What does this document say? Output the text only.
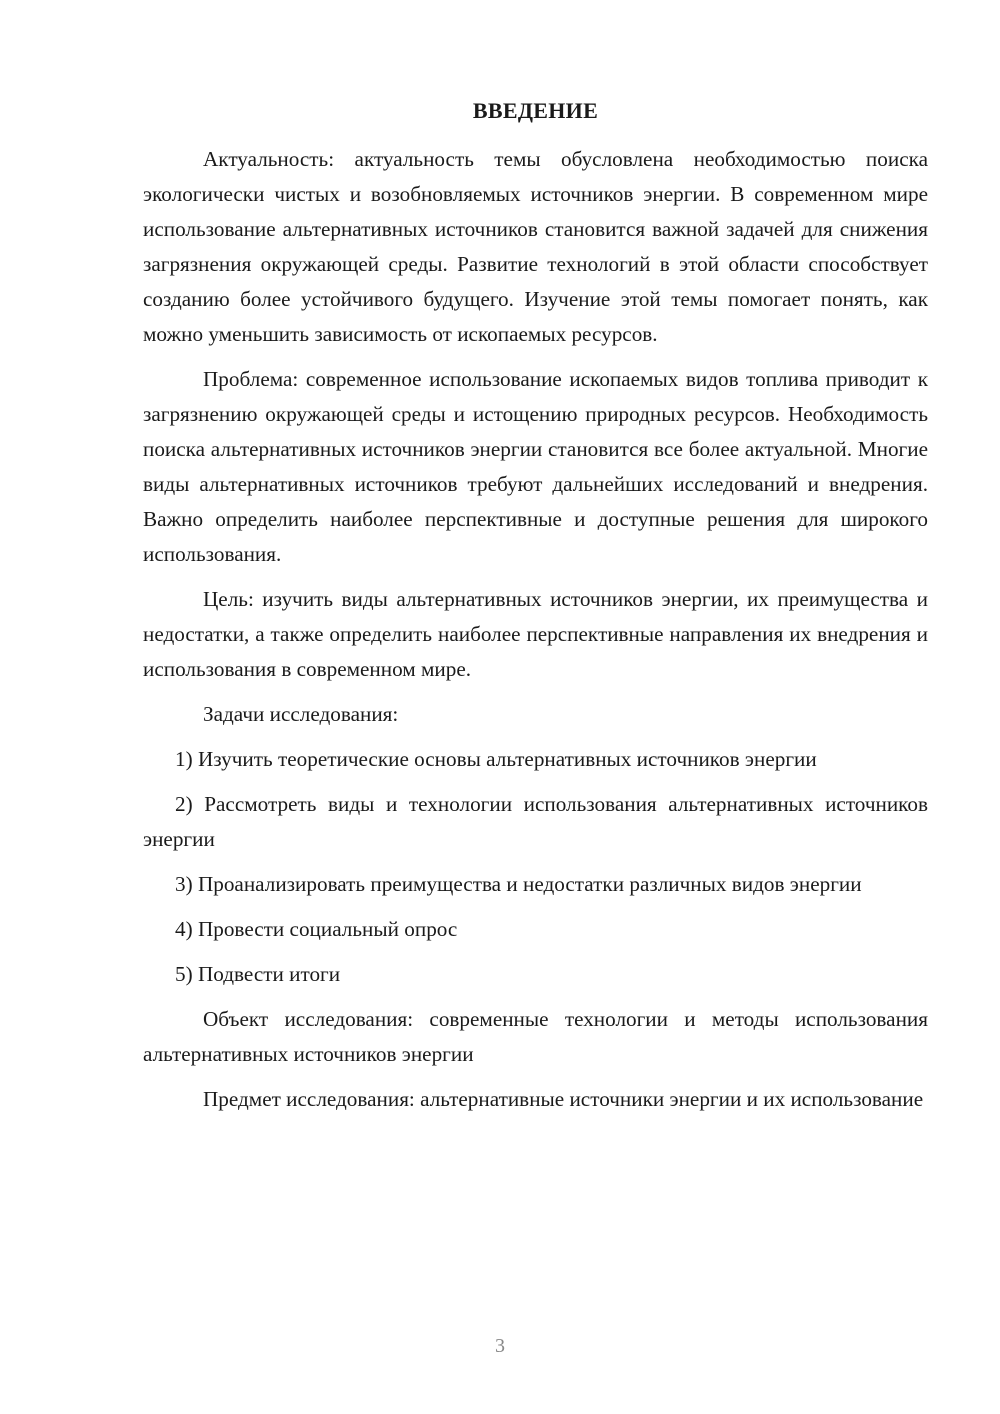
ВВЕДЕНИЕ

Актуальность: актуальность темы обусловлена необходимостью поиска экологически чистых и возобновляемых источников энергии. В современном мире использование альтернативных источников становится важной задачей для снижения загрязнения окружающей среды. Развитие технологий в этой области способствует созданию более устойчивого будущего. Изучение этой темы помогает понять, как можно уменьшить зависимость от ископаемых ресурсов.

Проблема: современное использование ископаемых видов топлива приводит к загрязнению окружающей среды и истощению природных ресурсов. Необходимость поиска альтернативных источников энергии становится все более актуальной. Многие виды альтернативных источников требуют дальнейших исследований и внедрения. Важно определить наиболее перспективные и доступные решения для широкого использования.

Цель: изучить виды альтернативных источников энергии, их преимущества и недостатки, а также определить наиболее перспективные направления их внедрения и использования в современном мире.

Задачи исследования:

1) Изучить теоретические основы альтернативных источников энергии

2) Рассмотреть виды и технологии использования альтернативных источников энергии

3) Проанализировать преимущества и недостатки различных видов энергии

4) Провести социальный опрос

5) Подвести итоги

Объект исследования: современные технологии и методы использования альтернативных источников энергии

Предмет исследования: альтернативные источники энергии и их использование

3
